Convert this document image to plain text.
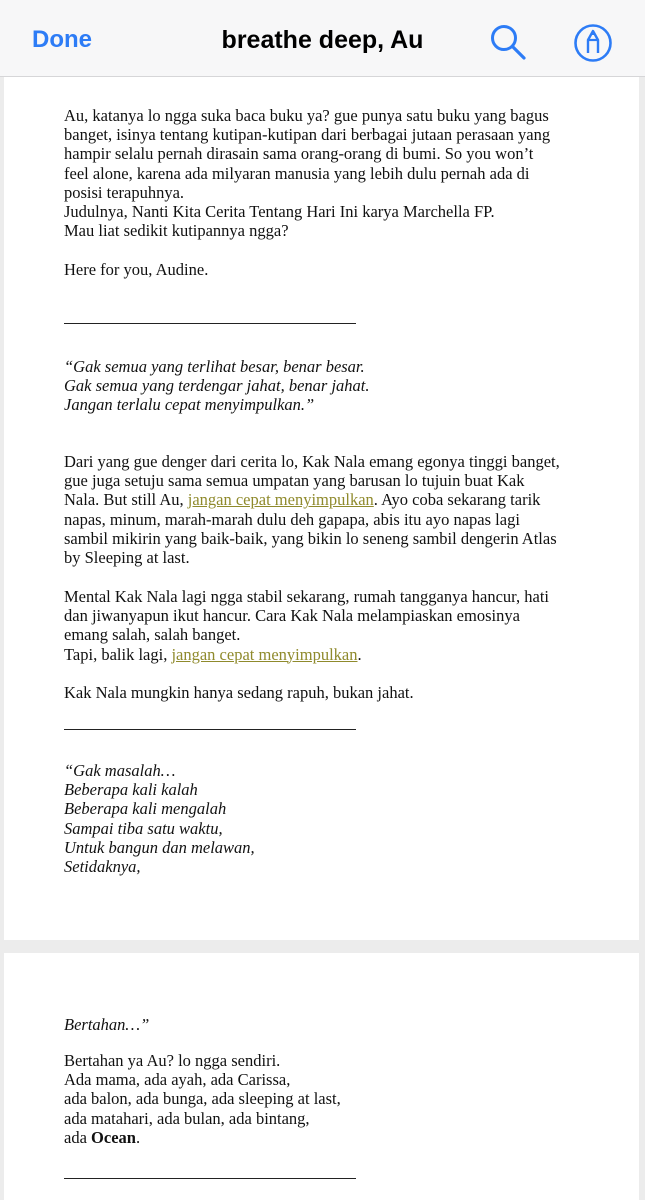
Done	breathe deep, Au

Au, katanya lo ngga suka baca buku ya? gue punya satu buku yang bagus

banget, isinya tentang kutipan-kutipan dari berbagai jutaan perasaan yang

hampir selalu pernah dirasain sama orang-orang di bumi. So you won’t

feel alone, karena ada milyaran manusia yang lebih dulu pernah ada di

posisi terapuhnya.

Judulnya, Nanti Kita Cerita Tentang Hari Ini karya Marchella FP.

Mau liat sedikit kutipannya ngga?

Here for you, Audine.

“Gak semua yang terlihat besar, benar besar.

Gak semua yang terdengar jahat, benar jahat.

Jangan terlalu cepat menyimpulkan.”

Dari yang gue denger dari cerita lo, Kak Nala emang egonya tinggi banget,

gue juga setuju sama semua umpatan yang barusan lo tujuin buat Kak

Nala. But still Au, jangan cepat menyimpulkan. Ayo coba sekarang tarik

napas, minum, marah-marah dulu deh gapapa, abis itu ayo napas lagi

sambil mikirin yang baik-baik, yang bikin lo seneng sambil dengerin Atlas

by Sleeping at last.

Mental Kak Nala lagi ngga stabil sekarang, rumah tangganya hancur, hati

dan jiwanyapun ikut hancur. Cara Kak Nala melampiaskan emosinya

emang salah, salah banget.

Tapi, balik lagi, jangan cepat menyimpulkan.

Kak Nala mungkin hanya sedang rapuh, bukan jahat.

“Gak masalah…

Beberapa kali kalah

Beberapa kali mengalah

Sampai tiba satu waktu,

Untuk bangun dan melawan,

Setidaknya,

Bertahan…”

Bertahan ya Au? lo ngga sendiri.

Ada mama, ada ayah, ada Carissa,

ada balon, ada bunga, ada sleeping at last,

ada matahari, ada bulan, ada bintang,

ada Ocean.
